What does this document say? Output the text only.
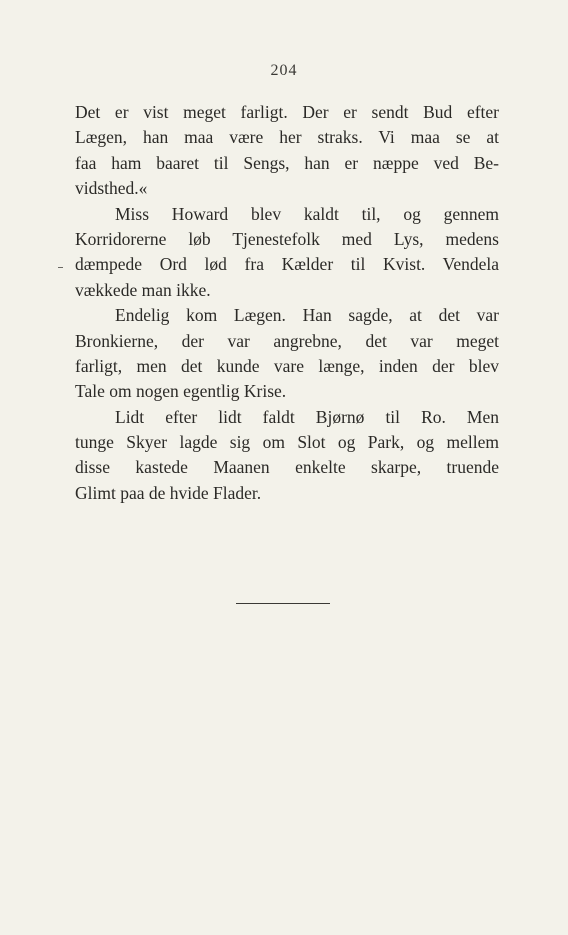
204
Det er vist meget farligt. Der er sendt Bud efter
Lægen, han maa være her straks. Vi maa se at
faa ham baaret til Sengs, han er næppe ved Be-
vidsthed.«
Miss Howard blev kaldt til, og gennem
Korridorerne løb Tjenestefolk med Lys, medens
dæmpede Ord lød fra Kælder til Kvist. Vendela
vækkede man ikke.
Endelig kom Lægen. Han sagde, at det var
Bronkierne, der var angrebne, det var meget
farligt, men det kunde vare længe, inden der blev
Tale om nogen egentlig Krise.
Lidt efter lidt faldt Bjørnø til Ro. Men
tunge Skyer lagde sig om Slot og Park, og mellem
disse kastede Maanen enkelte skarpe, truende
Glimt paa de hvide Flader.
